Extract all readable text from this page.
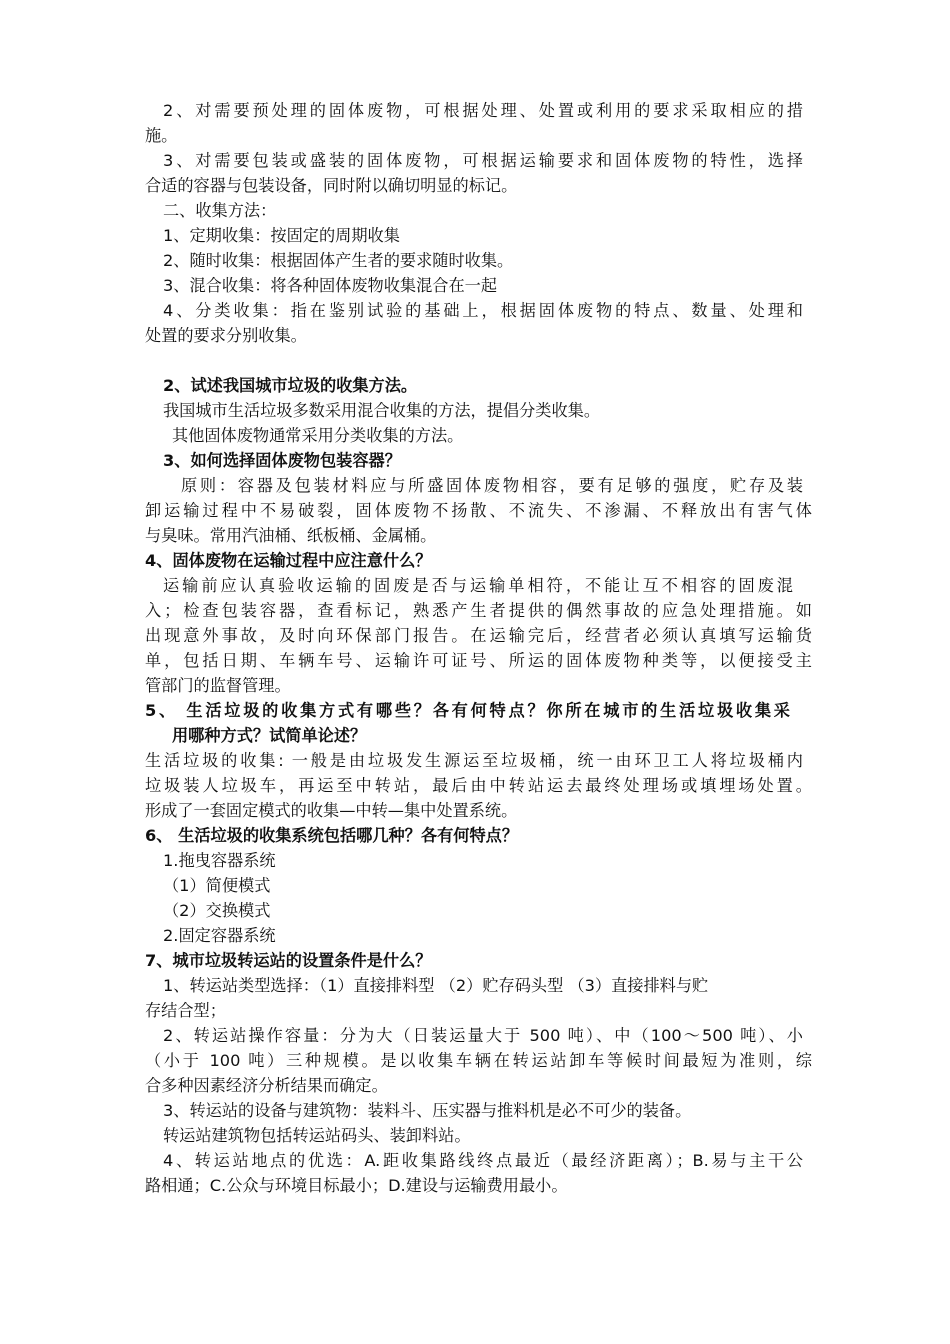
2、对需要预处理的固体废物，可根据处理、处置或利用的要求采取相应的措
施。
3、对需要包装或盛装的固体废物，可根据运输要求和固体废物的特性，选择
合适的容器与包装设备，同时附以确切明显的标记。
二、收集方法：
1、定期收集：按固定的周期收集
2、随时收集：根据固体产生者的要求随时收集。
3、混合收集：将各种固体废物收集混合在一起
4、分类收集：指在鉴别试验的基础上，根据固体废物的特点、数量、处理和
处置的要求分别收集。
2、试述我国城市垃圾的收集方法。
我国城市生活垃圾多数采用混合收集的方法，提倡分类收集。
其他固体废物通常采用分类收集的方法。
3、如何选择固体废物包装容器？
原则：容器及包装材料应与所盛固体废物相容，要有足够的强度，贮存及装
卸运输过程中不易破裂，固体废物不扬散、不流失、不渗漏、不释放出有害气体
与臭味。常用汽油桶、纸板桶、金属桶。
4、固体废物在运输过程中应注意什么？
运输前应认真验收运输的固废是否与运输单相符，不能让互不相容的固废混
入；检查包装容器，查看标记，熟悉产生者提供的偶然事故的应急处理措施。如
出现意外事故，及时向环保部门报告。在运输完后，经营者必须认真填写运输货
单，包括日期、车辆车号、运输许可证号、所运的固体废物种类等，以便接受主
管部门的监督管理。
5、 生活垃圾的收集方式有哪些？各有何特点？你所在城市的生活垃圾收集采
用哪种方式？试简单论述？
生活垃圾的收集: 一般是由垃圾发生源运至垃圾桶，统一由环卫工人将垃圾桶内
垃圾装人垃圾车，再运至中转站，最后由中转站运去最终处理场或填埋场处置。
形成了一套固定模式的收集—中转—集中处置系统。
6、 生活垃圾的收集系统包括哪几种？各有何特点？
1.拖曳容器系统
（1）简便模式
（2）交换模式
2.固定容器系统
7、城市垃圾转运站的设置条件是什么？
1、转运站类型选择：（1）直接排料型 （2）贮存码头型 （3）直接排料与贮
存结合型；
2、转运站操作容量：分为大（日装运量大于 500 吨）、中（100～500 吨）、小
（小于 100 吨）三种规模。是以收集车辆在转运站卸车等候时间最短为准则，综
合多种因素经济分析结果而确定。
3、转运站的设备与建筑物：装料斗、压实器与推料机是必不可少的装备。
转运站建筑物包括转运站码头、装卸料站。
4、转运站地点的优选：A.距收集路线终点最近（最经济距离）；B.易与主干公
路相通；C.公众与环境目标最小；D.建设与运输费用最小。
